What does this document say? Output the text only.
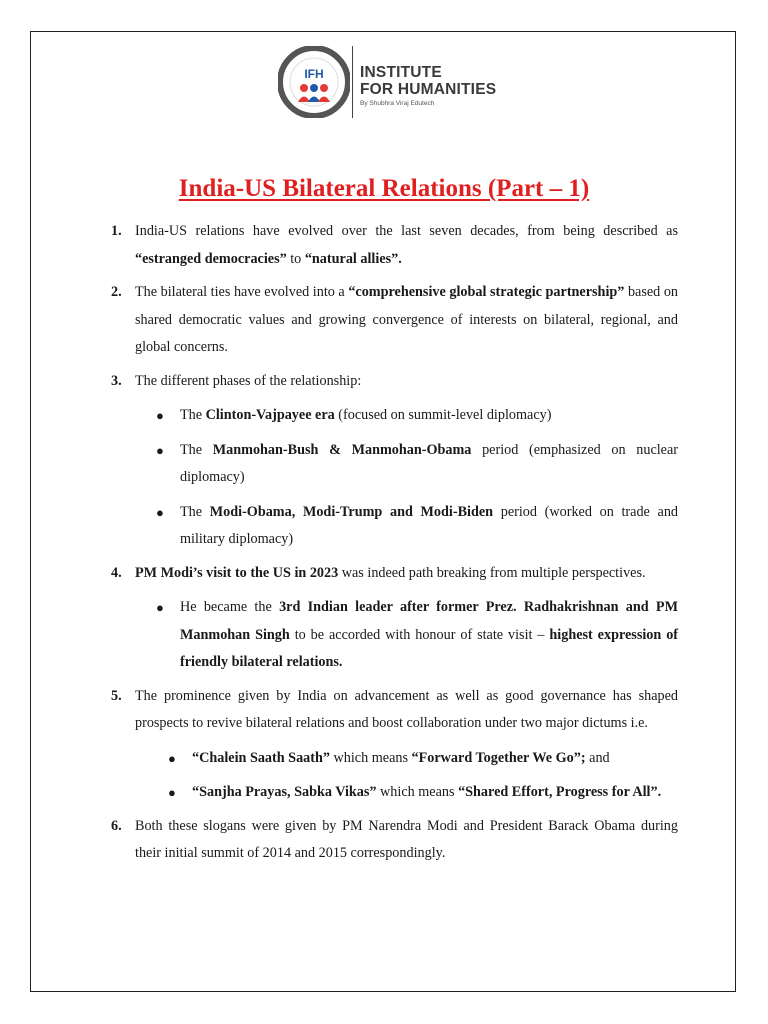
INSTITUTE FOR HUMANITIES
IFH INSTITUTE
FOR HUMANITIES
By Shubhra Viraj Edutech
India-US Bilateral Relations (Part – 1)
1. India-US relations have evolved over the last seven decades, from being described as “estranged democracies” to “natural allies”.
2. The bilateral ties have evolved into a “comprehensive global strategic partnership” based on shared democratic values and growing convergence of interests on bilateral, regional, and global concerns.
3. The different phases of the relationship:
● The Clinton-Vajpayee era (focused on summit-level diplomacy)
● The Manmohan-Bush & Manmohan-Obama period (emphasized on nuclear diplomacy)
● The Modi-Obama, Modi-Trump and Modi-Biden period (worked on trade and military diplomacy)
4. PM Modi’s visit to the US in 2023 was indeed path breaking from multiple perspectives.
● He became the 3rd Indian leader after former Prez. Radhakrishnan and PM Manmohan Singh to be accorded with honour of state visit – highest expression of friendly bilateral relations.
5. The prominence given by India on advancement as well as good governance has shaped prospects to revive bilateral relations and boost collaboration under two major dictums i.e.
● “Chalein Saath Saath” which means “Forward Together We Go”; and
● “Sanjha Prayas, Sabka Vikas” which means “Shared Effort, Progress for All”.
6. Both these slogans were given by PM Narendra Modi and President Barack Obama during their initial summit of 2014 and 2015 correspondingly.
